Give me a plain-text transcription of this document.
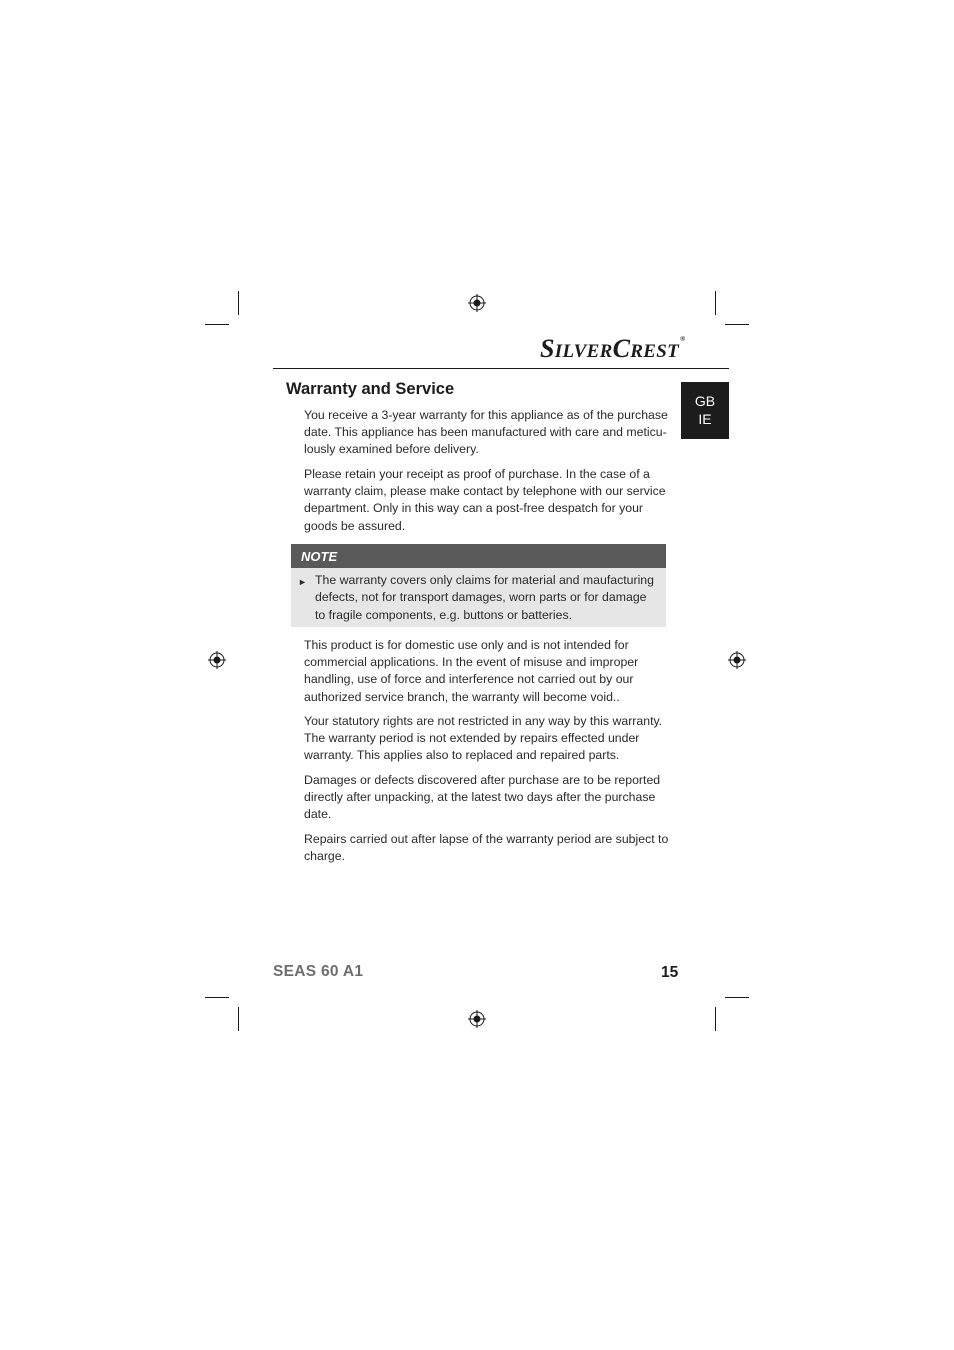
SILVERCREST®
GB
IE
Warranty and Service

You receive a 3-year warranty for this appliance as of the purchase date. This appliance has been manufactured with care and meticu-lously examined before delivery.

Please retain your receipt as proof of purchase. In the case of a warranty claim, please make contact by telephone with our service department. Only in this way can a post-free despatch for your goods be assured.

NOTE
► The warranty covers only claims for material and maufacturing defects, not for transport damages, worn parts or for damage to fragile components, e.g. buttons or batteries.

This product is for domestic use only and is not intended for commercial applications. In the event of misuse and improper handling, use of force and interference not carried out by our authorized service branch, the warranty will become void..

Your statutory rights are not restricted in any way by this warranty. The warranty period is not extended by repairs effected under warranty. This applies also to replaced and repaired parts.

Damages or defects discovered after purchase are to be reported directly after unpacking, at the latest two days after the purchase date.

Repairs carried out after lapse of the warranty period are subject to charge.

SEAS 60 A1	15
